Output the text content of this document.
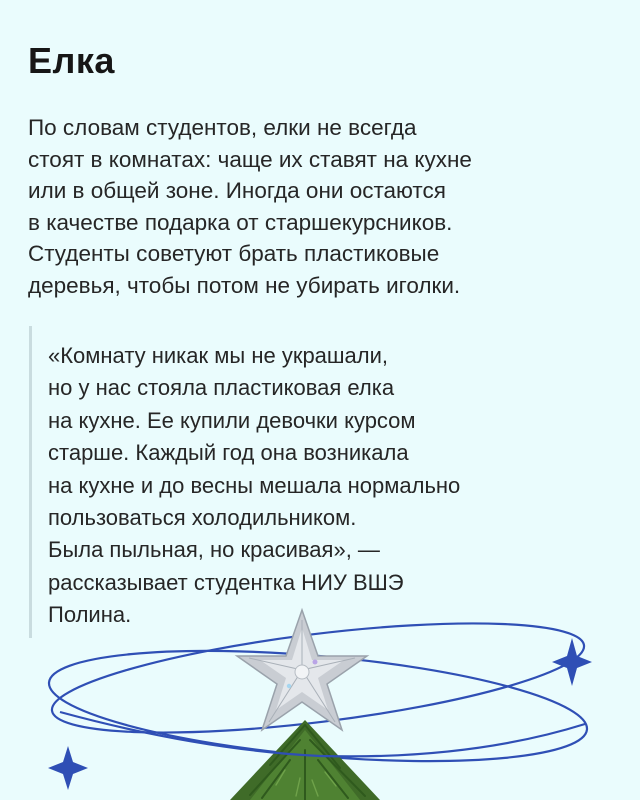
Елка
По словам студентов, елки не всегда
стоят в комнатах: чаще их ставят на кухне
или в общей зоне. Иногда они остаются
в качестве подарка от старшекурсников.
Студенты советуют брать пластиковые
деревья, чтобы потом не убирать иголки.
«Комнату никак мы не украшали,
но у нас стояла пластиковая елка
на кухне. Ее купили девочки курсом
старше. Каждый год она возникала
на кухне и до весны мешала нормально
пользоваться холодильником.
Была пыльная, но красивая», —
рассказывает студентка НИУ ВШЭ
Полина.
